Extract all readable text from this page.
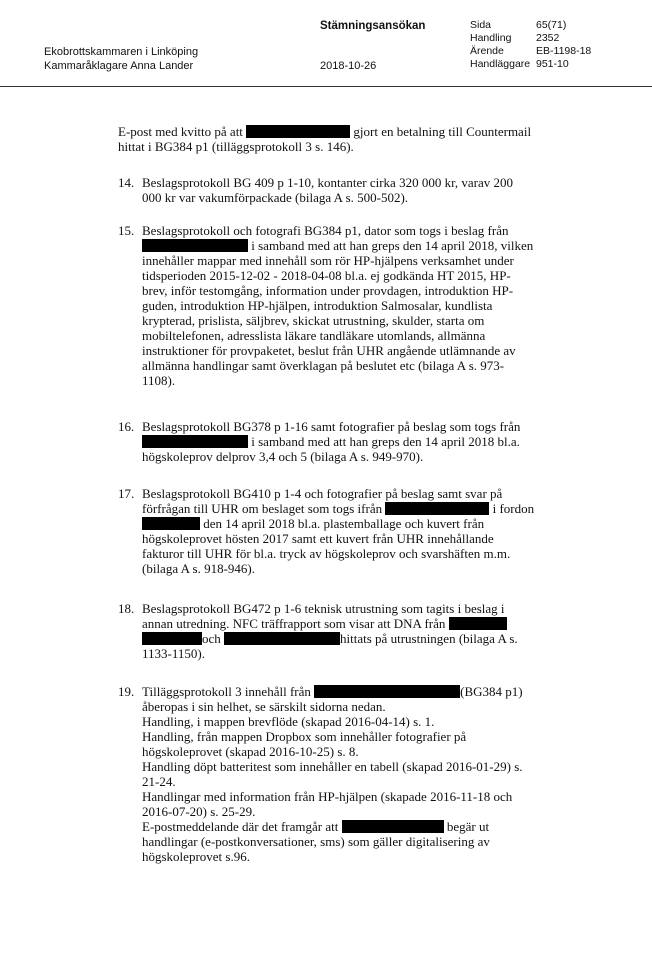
Stämningsansökan
Ekobrottskammaren i Linköping
Kammaråklagare Anna Lander	2018-10-26
Sida	65(71)
Handling 2352
Ärende	EB-1198-18
Handläggare 951-10
E-post med kvitto på att	gjort en betalning till Countermail
hittat i BG384 p1 (tilläggsprotokoll 3 s. 146).
14. Beslagsprotokoll BG 409 p 1-10, kontanter cirka 320 000 kr, varav 200
000 kr var vakumförpackade (bilaga A s. 500-502).
15. Beslagsprotokoll och fotografi BG384 p1, dator som togs i beslag från
i samband med att han greps den 14 april 2018, vilken
innehåller mappar med innehåll som rör HP-hjälpens verksamhet under
tidsperioden 2015-12-02 - 2018-04-08 bl.a. ej godkända HT 2015, HP-
brev, inför testomgång, information under provdagen, introduktion HP-
guden, introduktion HP-hjälpen, introduktion Salmosalar, kundlista
krypterad, prislista, säljbrev, skickat utrustning, skulder, starta om
mobiltelefonen, adresslista läkare tandläkare utomlands, allmänna
instruktioner för provpaketet, beslut från UHR angående utlämnande av
allmänna handlingar samt överklagan på beslutet etc (bilaga A s. 973-
1108).
16. Beslagsprotokoll BG378 p 1-16 samt fotografier på beslag som togs från
i samband med att han greps den 14 april 2018 bl.a.
högskoleprov delprov 3,4 och 5 (bilaga A s. 949-970).
17. Beslagsprotokoll BG410 p 1-4 och fotografier på beslag samt svar på
förfrågan till UHR om beslaget som togs ifrån	i fordon
den 14 april 2018 bl.a. plastemballage och kuvert från
högskoleprovet hösten 2017 samt ett kuvert från UHR innehållande
fakturor till UHR för bl.a. tryck av högskoleprov och svarshäften m.m.
(bilaga A s. 918-946).
18. Beslagsprotokoll BG472 p 1-6 teknisk utrustning som tagits i beslag i
annan utredning. NFC träffrapport som visar att DNA från
och	hittats på utrustningen (bilaga A s.
1133-1150).
19. Tilläggsprotokoll 3 innehåll från	(BG384 p1)
åberopas i sin helhet, se särskilt sidorna nedan.
Handling, i mappen brevflöde (skapad 2016-04-14) s. 1.
Handling, från mappen Dropbox som innehåller fotografier på
högskoleprovet (skapad 2016-10-25) s. 8.
Handling döpt batteritest som innehåller en tabell (skapad 2016-01-29) s.
21-24.
Handlingar med information från HP-hjälpen (skapade 2016-11-18 och
2016-07-20) s. 25-29.
E-postmeddelande där det framgår att	begär ut
handlingar (e-postkonversationer, sms) som gäller digitalisering av
högskoleprovet s.96.
